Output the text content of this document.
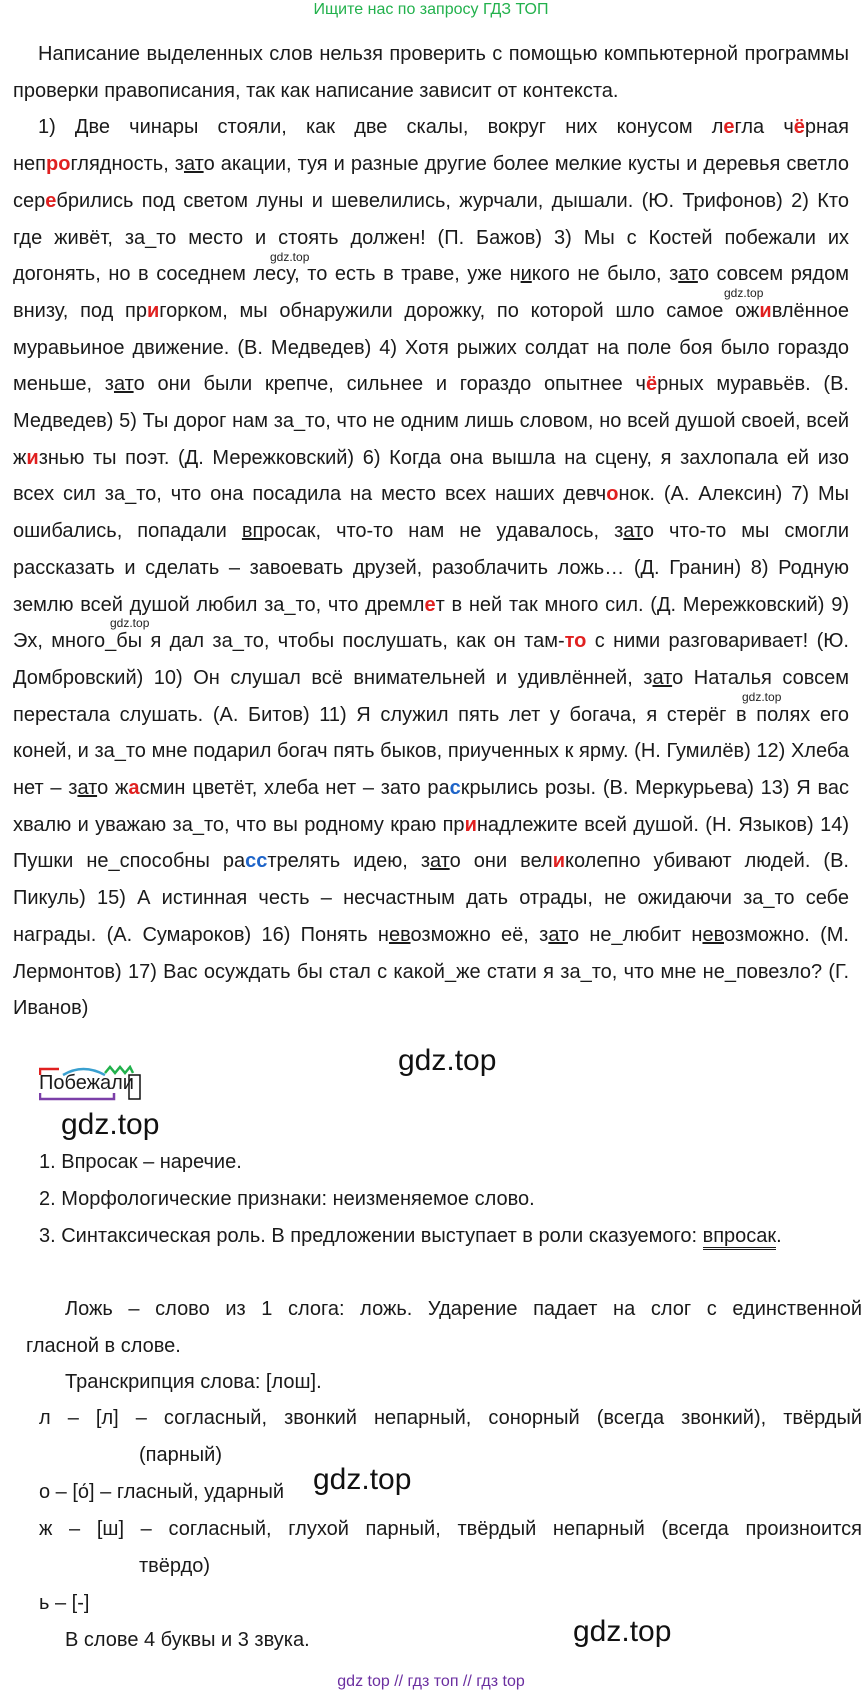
Ищите нас по запросу ГДЗ ТОП

Написание выделенных слов нельзя проверить с помощью компьютерной программы проверки правописания, так как написание зависит от контекста.

1) Две чинары стояли, как две скалы, вокруг них конусом легла чёрная непроглядность, зато акации, туя и разные другие более мелкие кусты и деревья светло серебрились под светом луны и шевелились, журчали, дышали. (Ю. Трифонов) 2) Кто где живёт, за_то место и стоять должен! (П. Бажов) 3) Мы с Костей побежали их догонять, но в соседнем лесу, то есть в траве, уже никого не было, зато совсем рядом внизу, под пригорком, мы обнаружили дорожку, по которой шло самое оживлённое муравьиное движение. (В. Медведев) 4) Хотя рыжих солдат на поле боя было гораздо меньше, зато они были крепче, сильнее и гораздо опытнее чёрных муравьёв. (В. Медведев) 5) Ты дорог нам за_то, что не одним лишь словом, но всей душой своей, всей жизнью ты поэт. (Д. Мережковский) 6) Когда она вышла на сцену, я захлопала ей изо всех сил за_то, что она посадила на место всех наших девчонок. (А. Алексин) 7) Мы ошибались, попадали впросак, что-то нам не удавалось, зато что-то мы смогли рассказать и сделать – завоевать друзей, разоблачить ложь… (Д. Гранин) 8) Родную землю всей душой любил за_то, что дремлет в ней так много сил. (Д. Мережковский) 9) Эх, много_бы я дал за_то, чтобы послушать, как он там-то с ними разговаривает! (Ю. Домбровский) 10) Он слушал всё внимательней и удивлённей, зато Наталья совсем перестала слушать. (А. Битов) 11) Я служил пять лет у богача, я стерёг в полях его коней, и за_то мне подарил богач пять быков, приученных к ярму. (Н. Гумилёв) 12) Хлеба нет – зато жасмин цветёт, хлеба нет – зато раскрылись розы. (В. Меркурьева) 13) Я вас хвалю и уважаю за_то, что вы родному краю принадлежите всей душой. (Н. Языков) 14) Пушки не_способны расстрелять идею, зато они великолепно убивают людей. (В. Пикуль) 15) А истинная честь – несчастным дать отрады, не ожидаючи за_то себе награды. (А. Сумароков) 16) Понять невозможно её, зато не_любит невозможно. (М. Лермонтов) 17) Вас осуждать бы стал с какой_же стати я за_то, что мне не_повезло? (Г. Иванов)

gdz.top
gdz.top
gdz.top
gdz.top
gdz.top
gdz.top
gdz.top
gdz.top
Побежали
1. Впросак – наречие.
2. Морфологические признаки: неизменяемое слово.
3. Синтаксическая роль. В предложении выступает в роли сказуемого: впросак.
Ложь – слово из 1 слога: ложь. Ударение падает на слог с единственной
гласной в слове.
Транскрипция слова: [лош].
л – [л] – согласный, звонкий непарный, сонорный (всегда звонкий), твёрдый
(парный)
о – [о́] – гласный, ударный
ж – [ш] – согласный, глухой парный, твёрдый непарный (всегда произноится
твёрдо)
ь – [-]
В слове 4 буквы и 3 звука.
gdz top // гдз топ // гдз top
